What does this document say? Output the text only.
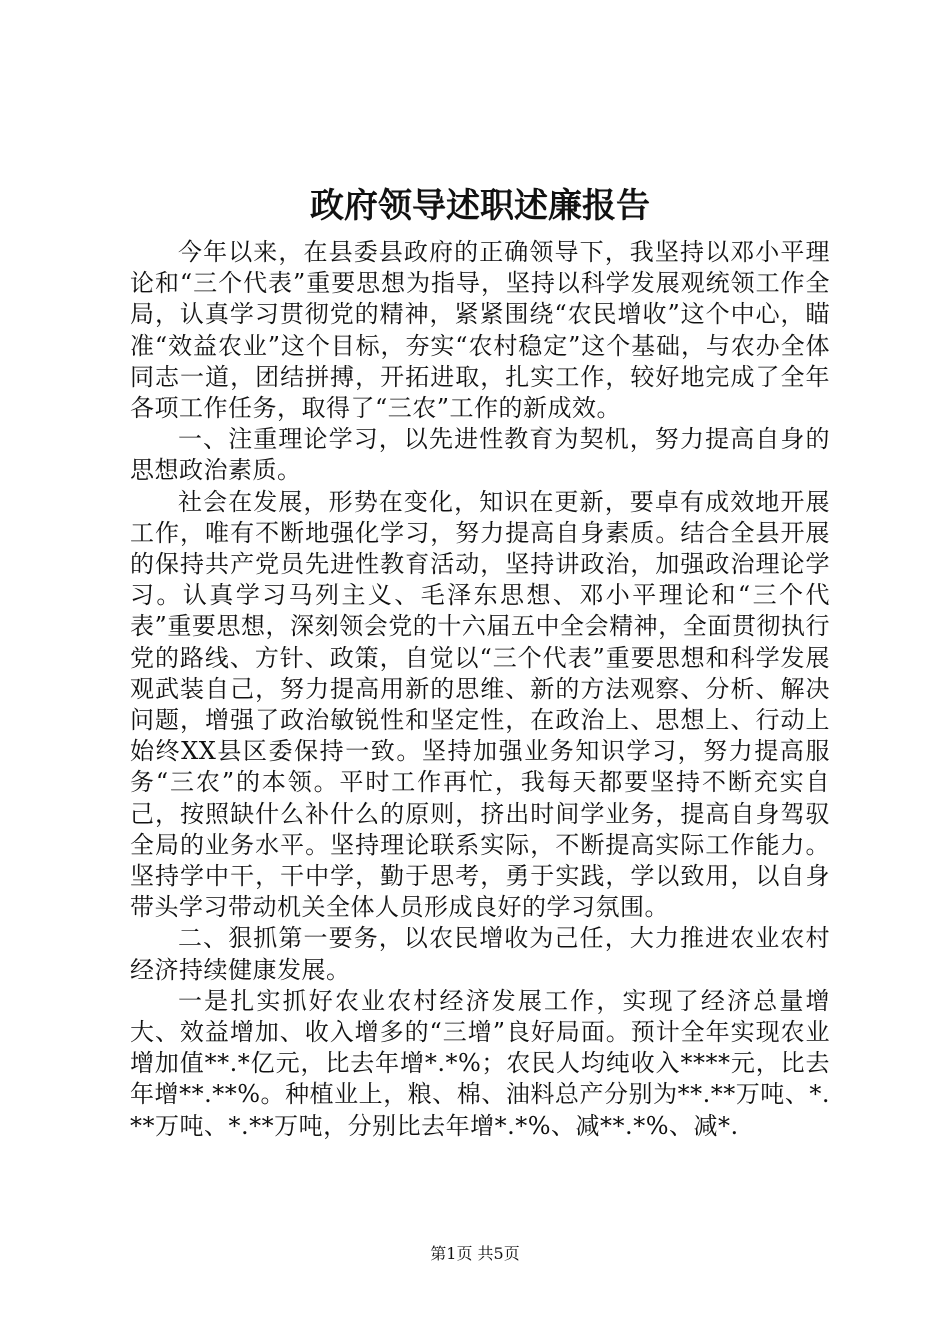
政府领导述职述廉报告

今年以来，在县委县政府的正确领导下，我坚持以邓小平理论和“三个代表”重要思想为指导，坚持以科学发展观统领工作全局，认真学习贯彻党的精神，紧紧围绕“农民增收”这个中心，瞄准“效益农业”这个目标，夯实“农村稳定”这个基础，与农办全体同志一道，团结拼搏，开拓进取，扎实工作，较好地完成了全年各项工作任务，取得了“三农”工作的新成效。

一、注重理论学习，以先进性教育为契机，努力提高自身的思想政治素质。

社会在发展，形势在变化，知识在更新，要卓有成效地开展工作，唯有不断地强化学习，努力提高自身素质。结合全县开展的保持共产党员先进性教育活动，坚持讲政治，加强政治理论学习。认真学习马列主义、毛泽东思想、邓小平理论和“三个代表”重要思想，深刻领会党的十六届五中全会精神，全面贯彻执行党的路线、方针、政策，自觉以“三个代表”重要思想和科学发展观武装自己，努力提高用新的思维、新的方法观察、分析、解决问题，增强了政治敏锐性和坚定性，在政治上、思想上、行动上始终XX县区委保持一致。坚持加强业务知识学习，努力提高服务“三农”的本领。平时工作再忙，我每天都要坚持不断充实自己，按照缺什么补什么的原则，挤出时间学业务，提高自身驾驭全局的业务水平。坚持理论联系实际，不断提高实际工作能力。坚持学中干，干中学，勤于思考，勇于实践，学以致用，以自身带头学习带动机关全体人员形成良好的学习氛围。

二、狠抓第一要务，以农民增收为己任，大力推进农业农村经济持续健康发展。

一是扎实抓好农业农村经济发展工作，实现了经济总量增大、效益增加、收入增多的“三增”良好局面。预计全年实现农业增加值**.*亿元，比去年增*.*%；农民人均纯收入****元，比去年增**.**%。种植业上，粮、棉、油料总产分别为**.**万吨、*.**万吨、*.**万吨，分别比去年增*.*%、减**.*%、减*.

第1页 共5页
